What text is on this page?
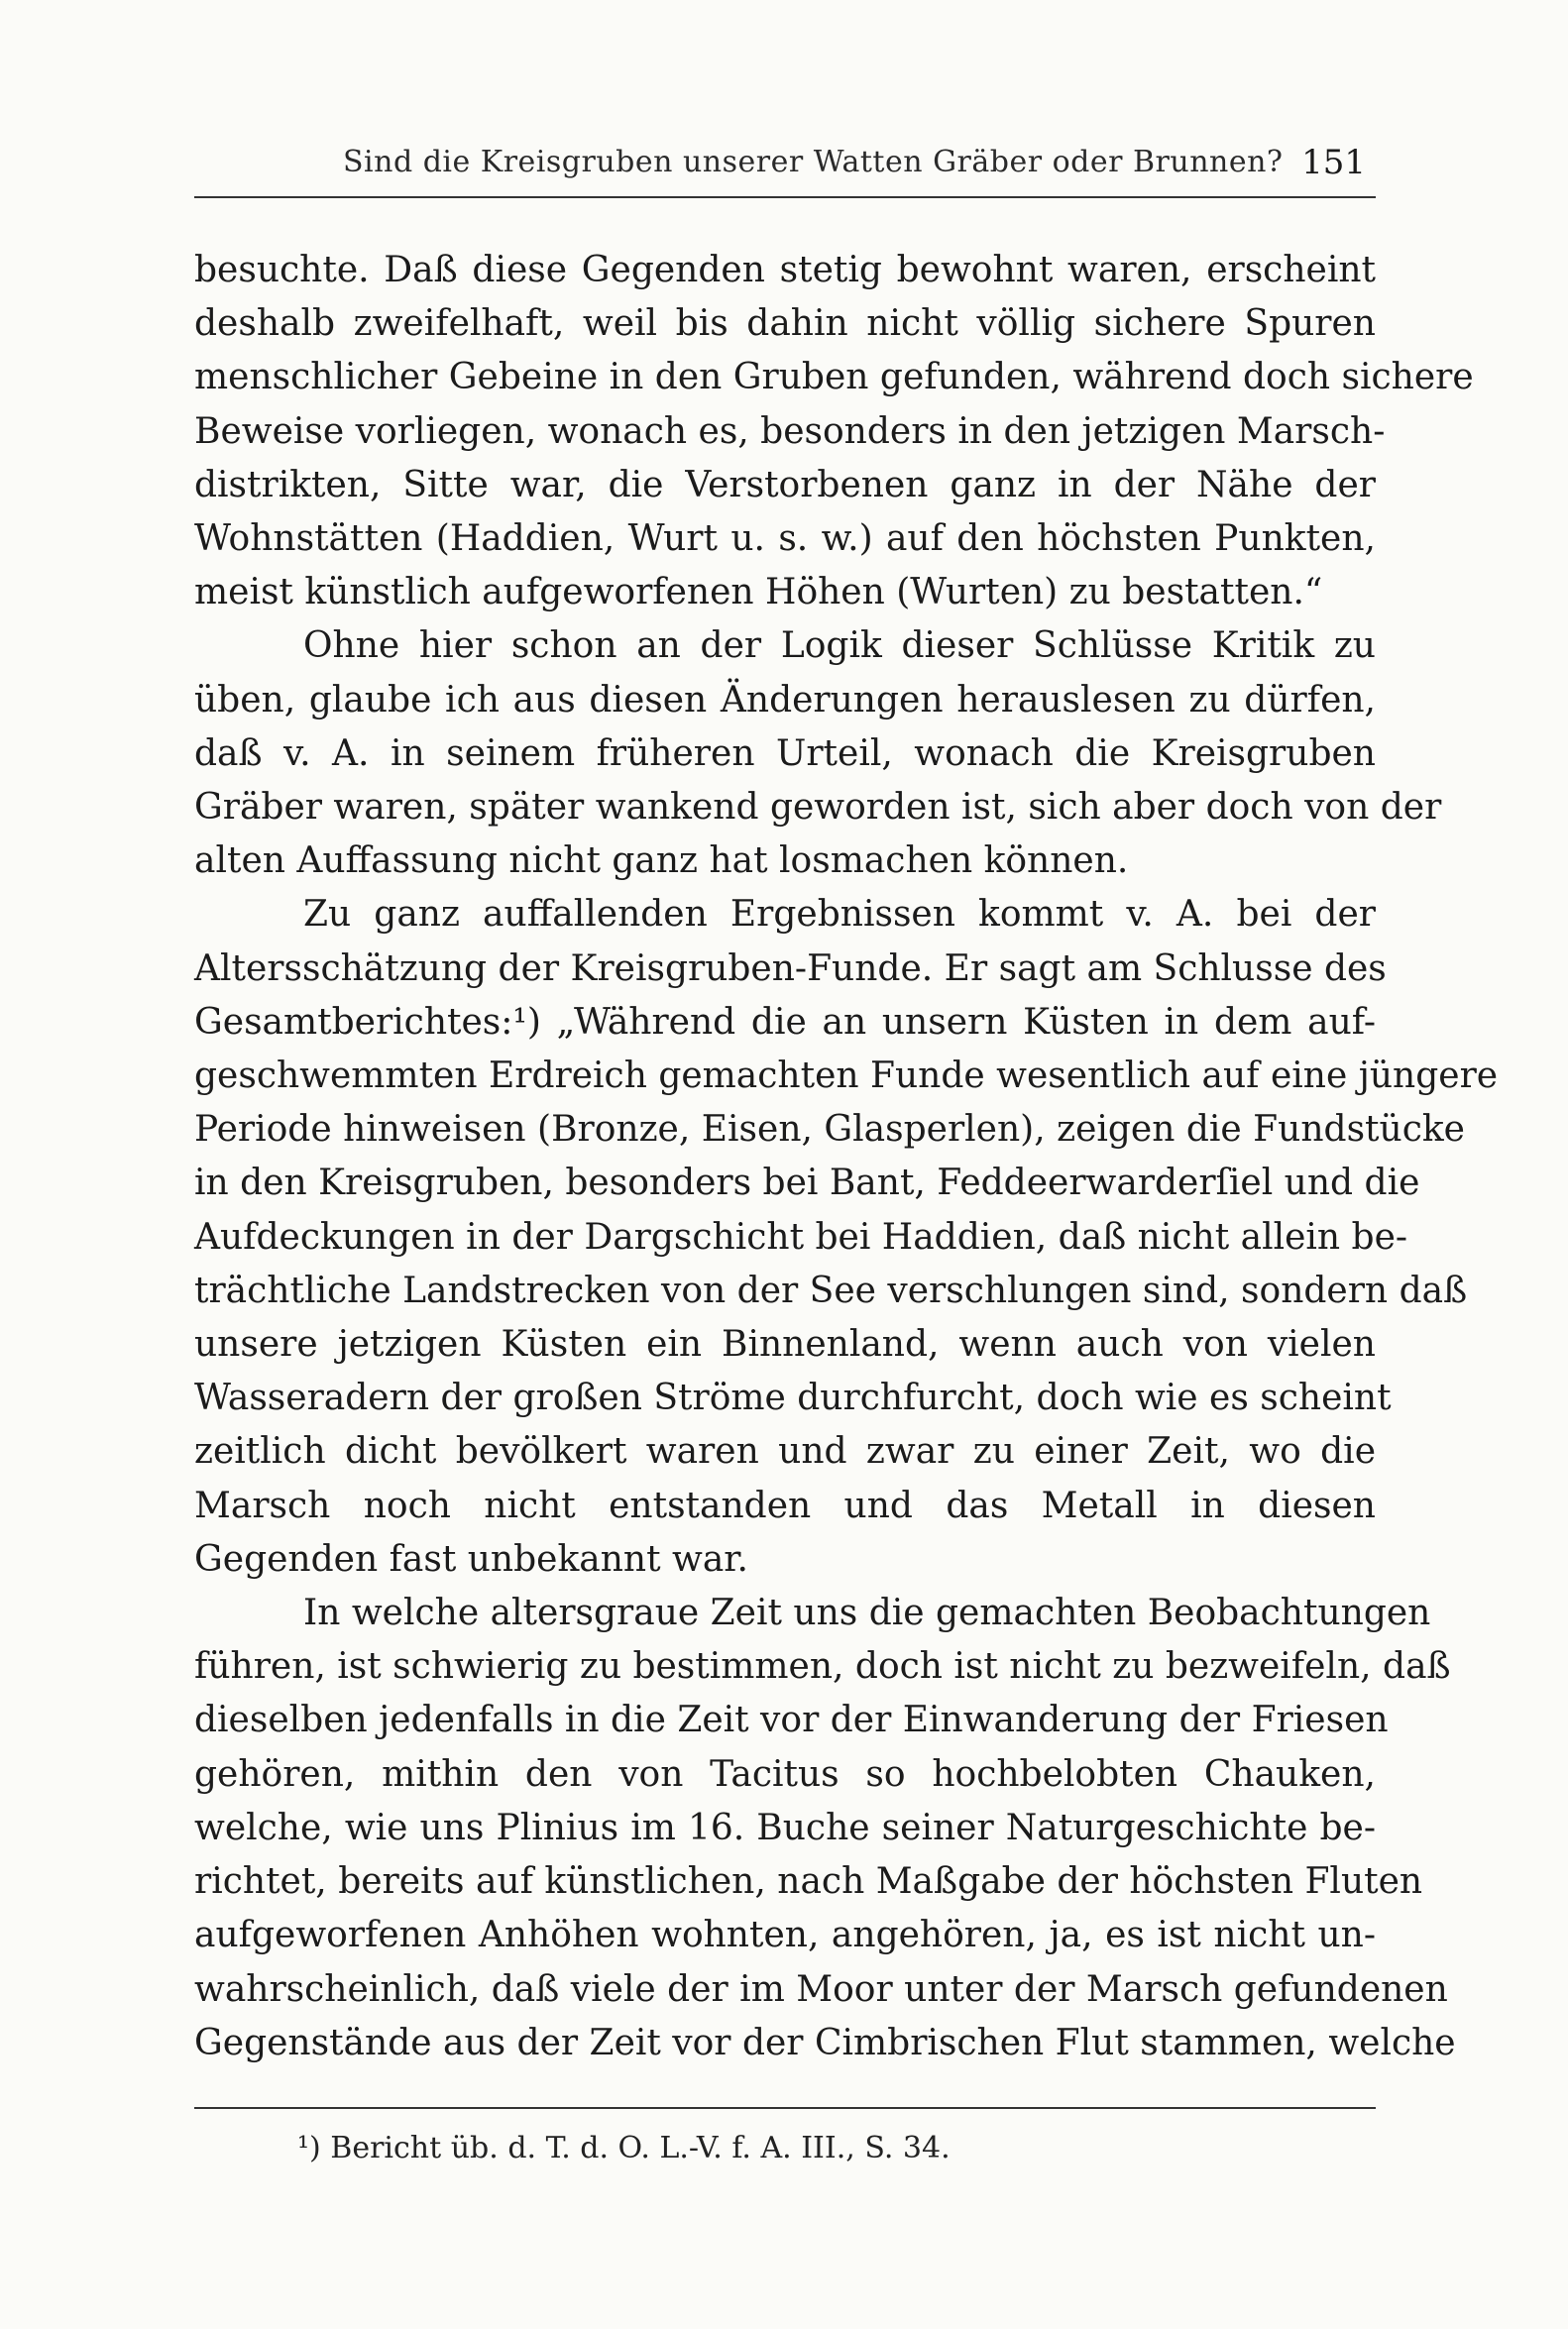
Sind die Kreisgruben unserer Watten Gräber oder Brunnen? 151
besuchte. Daß diese Gegenden stetig bewohnt waren, erscheint
deshalb zweifelhaft, weil bis dahin nicht völlig sichere Spuren
menschlicher Gebeine in den Gruben gefunden, während doch sichere
Beweise vorliegen, wonach es, besonders in den jetzigen Marsch-
distrikten, Sitte war, die Verstorbenen ganz in der Nähe der
Wohnstätten (Haddien, Wurt u. s. w.) auf den höchsten Punkten,
meist künstlich aufgeworfenen Höhen (Wurten) zu bestatten.“
Ohne hier schon an der Logik dieser Schlüsse Kritik zu
üben, glaube ich aus diesen Änderungen herauslesen zu dürfen,
daß v. A. in seinem früheren Urteil, wonach die Kreisgruben
Gräber waren, später wankend geworden ist, sich aber doch von der
alten Auffassung nicht ganz hat losmachen können.
Zu ganz auffallenden Ergebnissen kommt v. A. bei der
Altersschätzung der Kreisgruben-Funde. Er sagt am Schlusse des
Gesamtberichtes:¹) „Während die an unsern Küsten in dem auf-
geschwemmten Erdreich gemachten Funde wesentlich auf eine jüngere
Periode hinweisen (Bronze, Eisen, Glasperlen), zeigen die Fundstücke
in den Kreisgruben, besonders bei Bant, Feddeerwarderſiel und die
Aufdeckungen in der Dargschicht bei Haddien, daß nicht allein be-
trächtliche Landstrecken von der See verschlungen sind, sondern daß
unsere jetzigen Küsten ein Binnenland, wenn auch von vielen
Wasseradern der großen Ströme durchfurcht, doch wie es scheint
zeitlich dicht bevölkert waren und zwar zu einer Zeit, wo die
Marsch noch nicht entstanden und das Metall in diesen
Gegenden fast unbekannt war.
In welche altersgraue Zeit uns die gemachten Beobachtungen
führen, ist schwierig zu bestimmen, doch ist nicht zu bezweifeln, daß
dieselben jedenfalls in die Zeit vor der Einwanderung der Friesen
gehören, mithin den von Tacitus so hochbelobten Chauken,
welche, wie uns Plinius im 16. Buche seiner Naturgeschichte be-
richtet, bereits auf künstlichen, nach Maßgabe der höchsten Fluten
aufgeworfenen Anhöhen wohnten, angehören, ja, es ist nicht un-
wahrscheinlich, daß viele der im Moor unter der Marsch gefundenen
Gegenstände aus der Zeit vor der Cimbrischen Flut stammen, welche
¹) Bericht üb. d. T. d. O. L.-V. f. A. III., S. 34.
